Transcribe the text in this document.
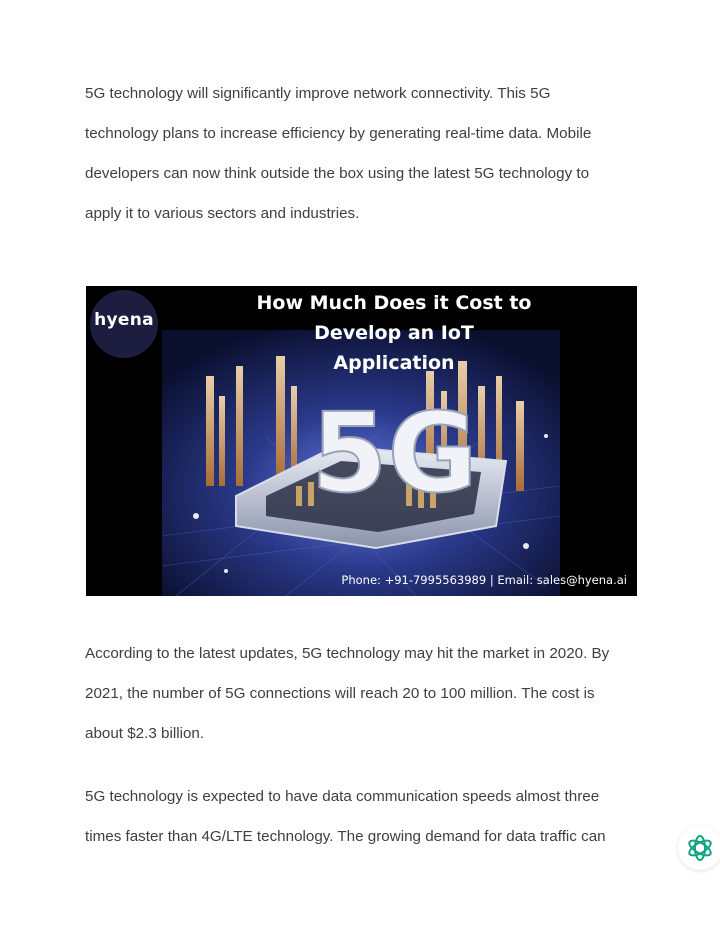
5G technology will significantly improve network connectivity. This 5G
technology plans to increase efficiency by generating real-time data. Mobile
developers can now think outside the box using the latest 5G technology to
apply it to various sectors and industries.

5G
hyena
How Much Does it Cost to Develop an IoT
Application
Phone: +91-7995563989 | Email: sales@hyena.ai

According to the latest updates, 5G technology may hit the market in 2020. By
2021, the number of 5G connections will reach 20 to 100 million. The cost is
about $2.3 billion.

5G technology is expected to have data communication speeds almost three
times faster than 4G/LTE technology. The growing demand for data traffic can
